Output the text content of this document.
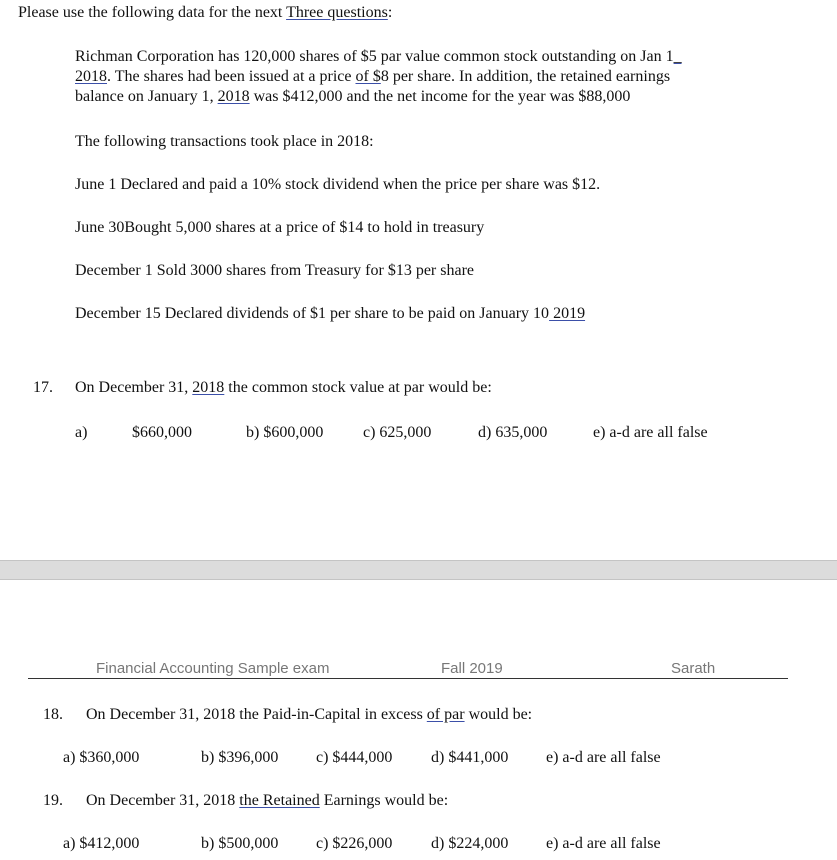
Please use the following data for the next Three questions:
Richman Corporation has 120,000 shares of $5 par value common stock outstanding on Jan 1_
2018. The shares had been issued at a price of $8 per share. In addition, the retained earnings
balance on January 1, 2018 was $412,000 and the net income for the year was $88,000
The following transactions took place in 2018:
June 1 Declared and paid a 10% stock dividend when the price per share was $12.
June 30Bought 5,000 shares at a price of $14 to hold in treasury
December 1 Sold 3000 shares from Treasury for $13 per share
December 15 Declared dividends of $1 per share to be paid on January 10 2019
17. On December 31, 2018 the common stock value at par would be:
a)	$660,000	b) $600,000 c) 625,000	d) 635,000	e) a-d are all false
Financial Accounting Sample exam	Fall 2019	Sarath
18. On December 31, 2018 the Paid-in-Capital in excess of par would be:
a) $360,000	b) $396,000 c) $444,000 d) $441,000 e) a-d are all false
19. On December 31, 2018 the Retained Earnings would be:
a) $412,000	b) $500,000 c) $226,000 d) $224,000 e) a-d are all false
